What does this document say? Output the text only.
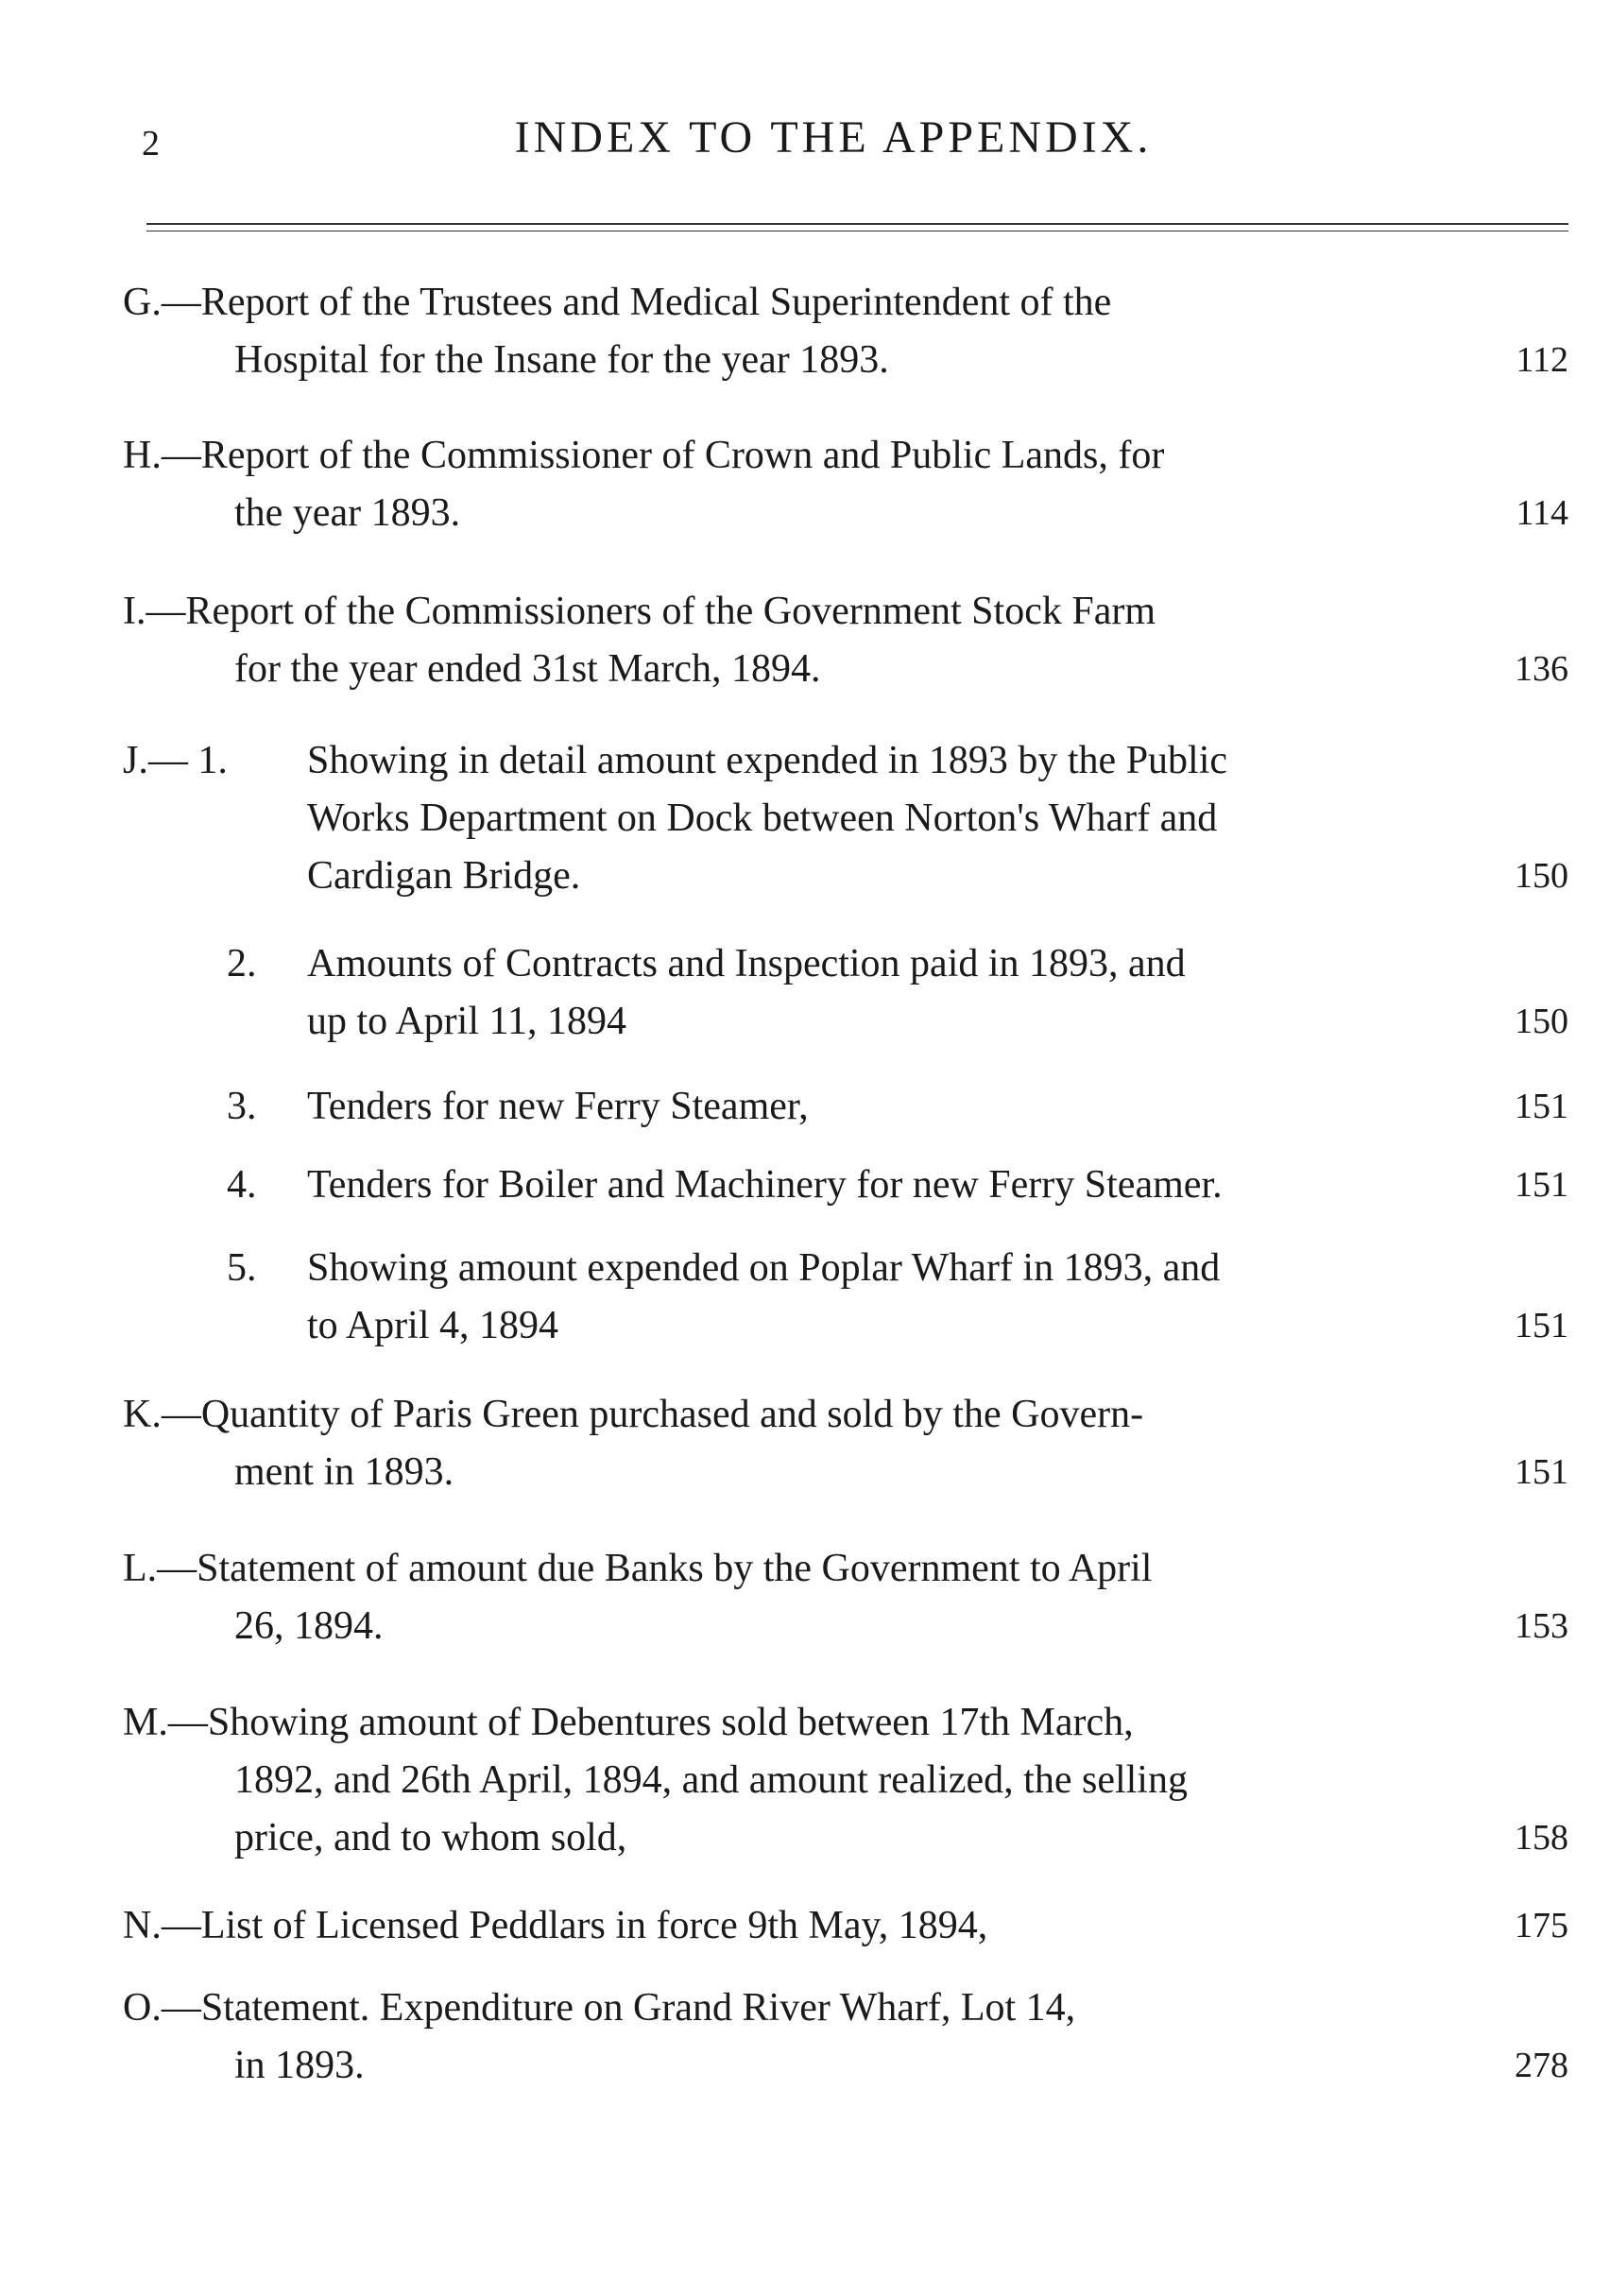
2	INDEX TO THE APPENDIX.
G.—Report of the Trustees and Medical Superintendent of the
Hospital for the Insane for the year 1893.	112
H.—Report of the Commissioner of Crown and Public Lands, for
the year 1893.	114
I.—Report of the Commissioners of the Government Stock Farm
for the year ended 31st March, 1894.	136
J.— 1.	Showing in detail amount expended in 1893 by the Public
Works Department on Dock between Norton's Wharf and
Cardigan Bridge.	150
2.	Amounts of Contracts and Inspection paid in 1893, and
up to April 11, 1894	150
3.	Tenders for new Ferry Steamer,	151
4.	Tenders for Boiler and Machinery for new Ferry Steamer.	151
5.	Showing amount expended on Poplar Wharf in 1893, and
to April 4, 1894	151
K.—Quantity of Paris Green purchased and sold by the Govern-
ment in 1893.	151
L.—Statement of amount due Banks by the Government to April
26, 1894.	153
M.—Showing amount of Debentures sold between 17th March,
1892, and 26th April, 1894, and amount realized, the selling
price, and to whom sold,	158
N.—List of Licensed Peddlars in force 9th May, 1894,	175
O.—Statement. Expenditure on Grand River Wharf, Lot 14,
in 1893.	278
